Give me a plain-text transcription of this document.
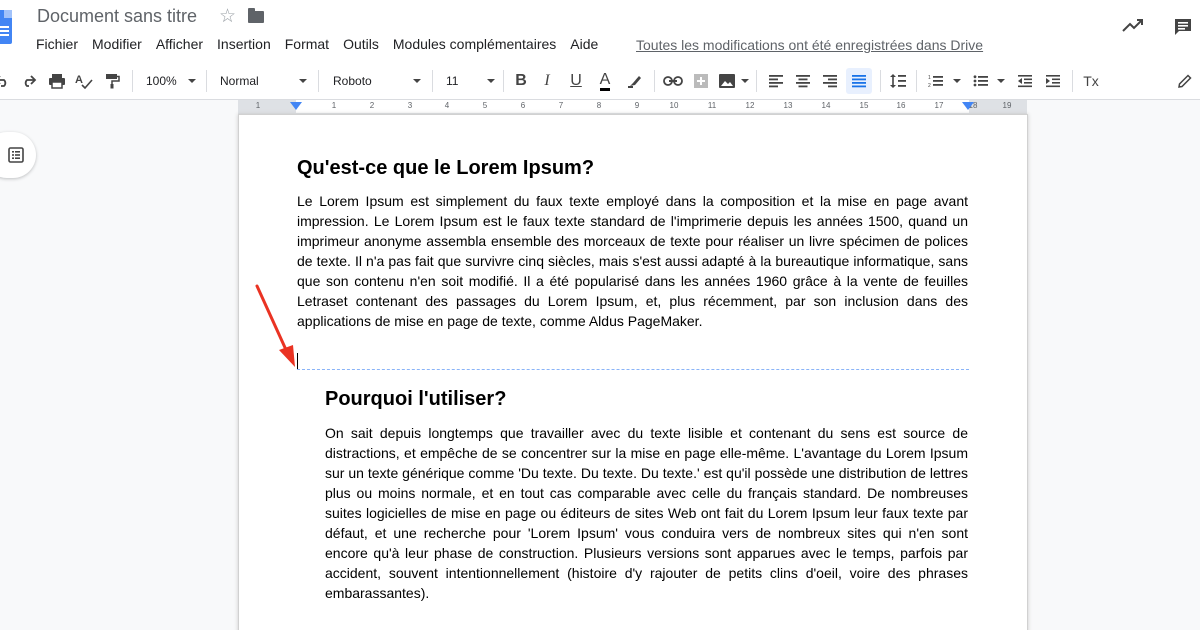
Document sans titre ☆
Fichier Modifier Afficher Insertion Format Outils Modules complémentaires Aide	Toutes les modifications ont été enregistrées dans Drive
A	100%	Normal	Roboto	11	B	I	U	A	1
2	Tx
1	1	2	3	4	5	6	7	8	9	10	11	12	13	14	15	16	17	18	19
Qu'est-ce que le Lorem Ipsum?
Le Lorem Ipsum est simplement du faux texte employé dans la composition et la mise en page avant impression. Le Lorem Ipsum est le faux texte standard de l'imprimerie depuis les années 1500, quand un imprimeur anonyme assembla ensemble des morceaux de texte pour réaliser un livre spécimen de polices de texte. Il n'a pas fait que survivre cinq siècles, mais s'est aussi adapté à la bureautique informatique, sans que son contenu n'en soit modifié. Il a été popularisé dans les années 1960 grâce à la vente de feuilles Letraset contenant des passages du Lorem Ipsum, et, plus récemment, par son inclusion dans des applications de mise en page de texte, comme Aldus PageMaker.
Pourquoi l'utiliser?
On sait depuis longtemps que travailler avec du texte lisible et contenant du sens est source de distractions, et empêche de se concentrer sur la mise en page elle-même. L'avantage du Lorem Ipsum sur un texte générique comme 'Du texte. Du texte. Du texte.' est qu'il possède une distribution de lettres plus ou moins normale, et en tout cas comparable avec celle du français standard. De nombreuses suites logicielles de mise en page ou éditeurs de sites Web ont fait du Lorem Ipsum leur faux texte par défaut, et une recherche pour 'Lorem Ipsum' vous conduira vers de nombreux sites qui n'en sont encore qu'à leur phase de construction. Plusieurs versions sont apparues avec le temps, parfois par accident, souvent intentionnellement (histoire d'y rajouter de petits clins d'oeil, voire des phrases embarassantes).
